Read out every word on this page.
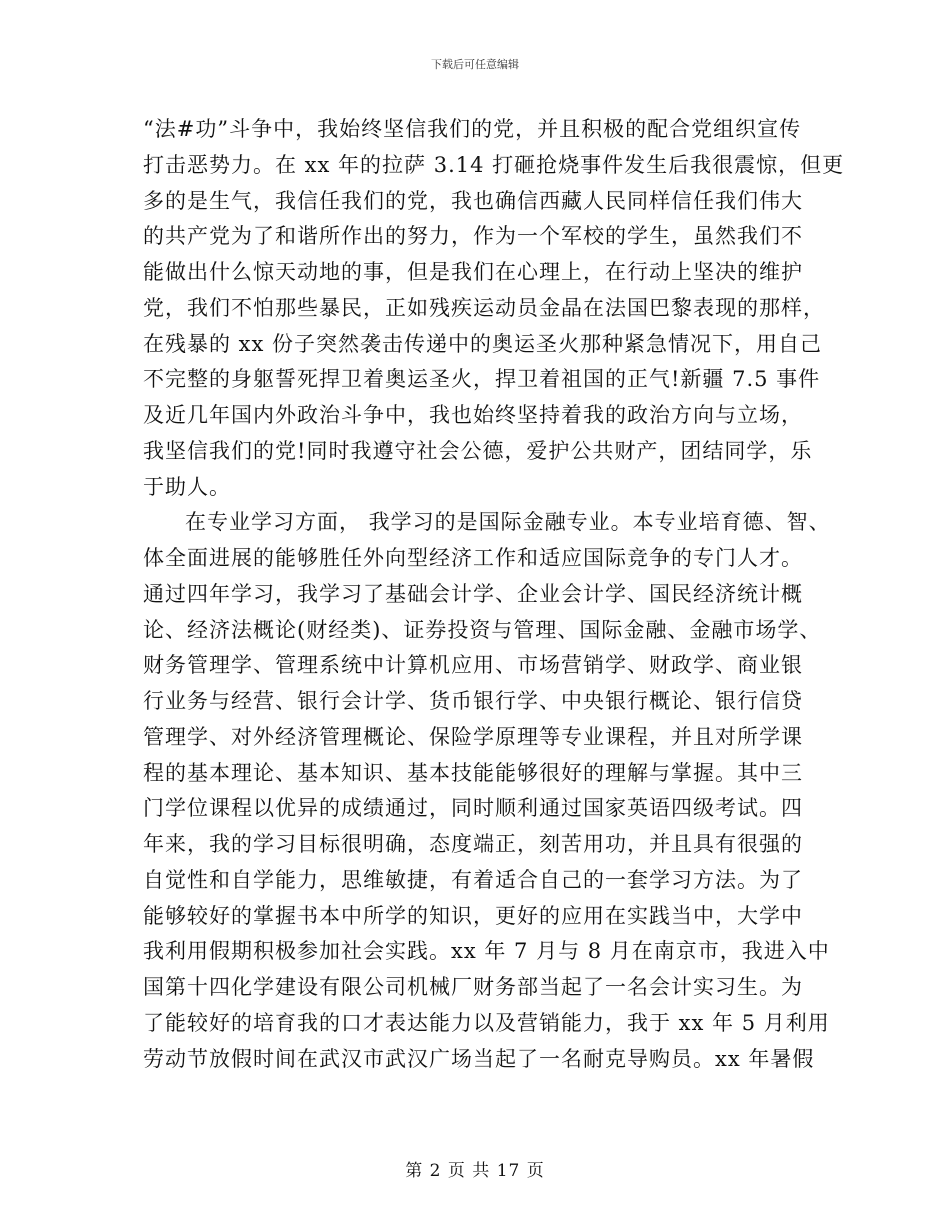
下载后可任意编辑
“法#功”斗争中，我始终坚信我们的党，并且积极的配合党组织宣传
打击恶势力。在 xx 年的拉萨 3.14 打砸抢烧事件发生后我很震惊，但更
多的是生气，我信任我们的党，我也确信西藏人民同样信任我们伟大
的共产党为了和谐所作出的努力，作为一个军校的学生，虽然我们不
能做出什么惊天动地的事，但是我们在心理上，在行动上坚决的维护
党，我们不怕那些暴民，正如残疾运动员金晶在法国巴黎表现的那样，
在残暴的 xx 份子突然袭击传递中的奥运圣火那种紧急情况下，用自己
不完整的身躯誓死捍卫着奥运圣火，捍卫着祖国的正气!新疆 7.5 事件
及近几年国内外政治斗争中，我也始终坚持着我的政治方向与立场，
我坚信我们的党!同时我遵守社会公德，爱护公共财产，团结同学，乐
于助人。
在专业学习方面， 我学习的是国际金融专业。本专业培育德、智、
体全面进展的能够胜任外向型经济工作和适应国际竞争的专门人才。
通过四年学习，我学习了基础会计学、企业会计学、国民经济统计概
论、经济法概论(财经类)、证券投资与管理、国际金融、金融市场学、
财务管理学、管理系统中计算机应用、市场营销学、财政学、商业银
行业务与经营、银行会计学、货币银行学、中央银行概论、银行信贷
管理学、对外经济管理概论、保险学原理等专业课程，并且对所学课
程的基本理论、基本知识、基本技能能够很好的理解与掌握。其中三
门学位课程以优异的成绩通过，同时顺利通过国家英语四级考试。四
年来，我的学习目标很明确，态度端正，刻苦用功，并且具有很强的
自觉性和自学能力，思维敏捷，有着适合自己的一套学习方法。为了
能够较好的掌握书本中所学的知识，更好的应用在实践当中，大学中
我利用假期积极参加社会实践。xx 年 7 月与 8 月在南京市，我进入中
国第十四化学建设有限公司机械厂财务部当起了一名会计实习生。为
了能较好的培育我的口才表达能力以及营销能力，我于 xx 年 5 月利用
劳动节放假时间在武汉市武汉广场当起了一名耐克导购员。xx 年暑假
第 2 页 共 17 页
